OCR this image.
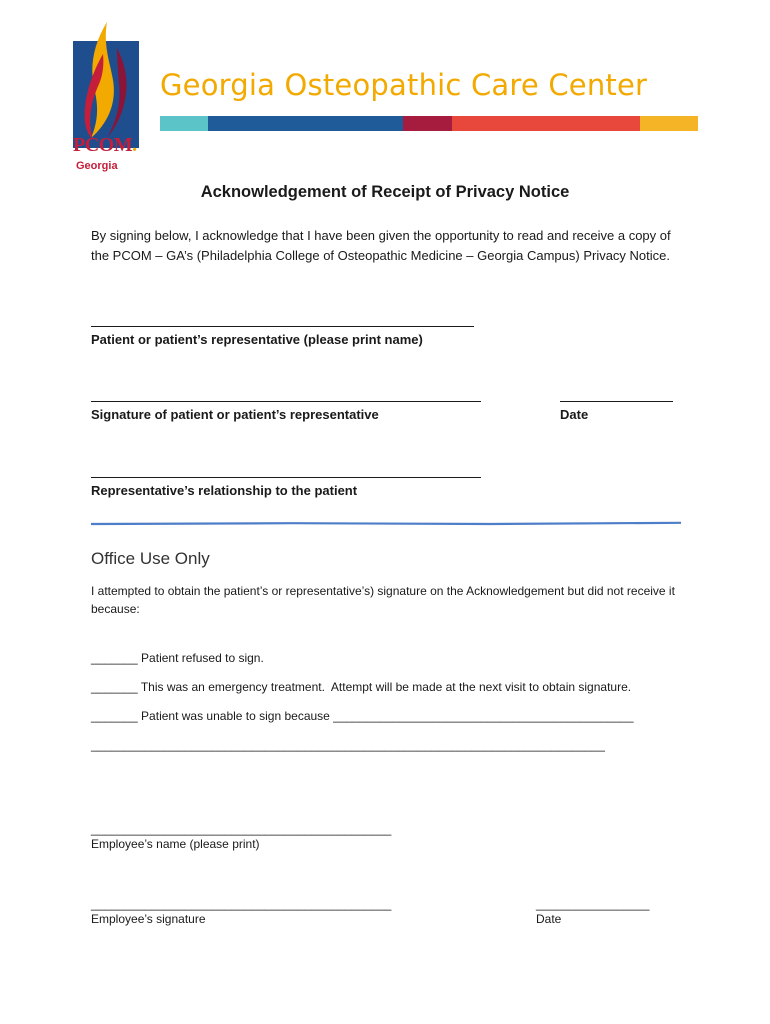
PCOM.
Georgia
Georgia Osteopathic Care Center
Acknowledgement of Receipt of Privacy Notice
By signing below, I acknowledge that I have been given the opportunity to read and receive a copy of the PCOM – GA’s (Philadelphia College of Osteopathic Medicine – Georgia Campus) Privacy Notice.
Patient or patient’s representative (please print name)
Signature of patient or patient’s representative	Date
Representative’s relationship to the patient
Office Use Only
I attempted to obtain the patient’s or representative’s) signature on the Acknowledgement but did not receive it because:
_______ Patient refused to sign.
_______ This was an emergency treatment.  Attempt will be made at the next visit to obtain signature.
_______ Patient was unable to sign because _____________________________________________
_____________________________________________________________________________
_____________________________________________
Employee’s name (please print)
_____________________________________________
Employee’s signature
_________________
Date
